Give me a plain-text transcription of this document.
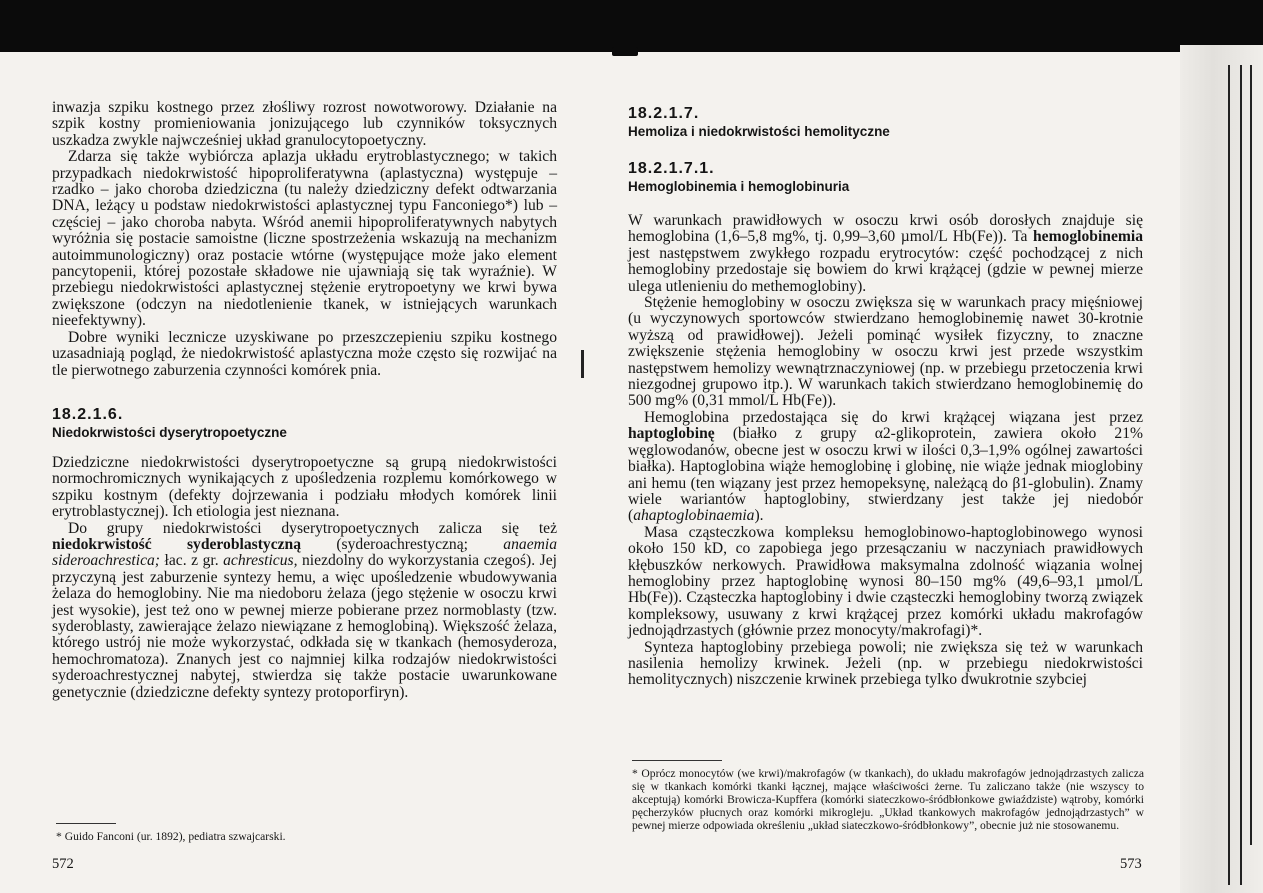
inwazja szpiku kostnego przez złośliwy rozrost nowotworowy. Działanie na szpik kostny promieniowania jonizującego lub czynników toksycznych uszkadza zwykle najwcześniej układ granulocytopoetyczny.

Zdarza się także wybiórcza aplazja układu erytroblastycznego; w takich przypadkach niedokrwistość hipoproliferatywna (aplastyczna) występuje – rzadko – jako choroba dziedziczna (tu należy dziedziczny defekt odtwarzania DNA, leżący u podstaw niedokrwistości aplastycznej typu Fanconiego*) lub – częściej – jako choroba nabyta. Wśród anemii hipoproliferatywnych nabytych wyróżnia się postacie samoistne (liczne spostrzeżenia wskazują na mechanizm autoimmunologiczny) oraz postacie wtórne (występujące może jako element pancytopenii, której pozostałe składowe nie ujawniają się tak wyraźnie). W przebiegu niedokrwistości aplastycznej stężenie erytropoetyny we krwi bywa zwiększone (odczyn na niedotlenienie tkanek, w istniejących warunkach nieefektywny).

Dobre wyniki lecznicze uzyskiwane po przeszczepieniu szpiku kostnego uzasadniają pogląd, że niedokrwistość aplastyczna może często się rozwijać na tle pierwotnego zaburzenia czynności komórek pnia.

18.2.1.6.
Niedokrwistości dyserytropoetyczne

Dziedziczne niedokrwistości dyserytropoetyczne są grupą niedokrwistości normochromicznych wynikających z upośledzenia rozplemu komórkowego w szpiku kostnym (defekty dojrzewania i podziału młodych komórek linii erytroblastycznej). Ich etiologia jest nieznana.

Do grupy niedokrwistości dyserytropoetycznych zalicza się też niedokrwistość syderoblastyczną (syderoachrestyczną; anaemia sideroachrestica; łac. z gr. achresticus, niezdolny do wykorzystania czegoś). Jej przyczyną jest zaburzenie syntezy hemu, a więc upośledzenie wbudowywania żelaza do hemoglobiny. Nie ma niedoboru żelaza (jego stężenie w osoczu krwi jest wysokie), jest też ono w pewnej mierze pobierane przez normoblasty (tzw. syderoblasty, zawierające żelazo niewiązane z hemoglobiną). Większość żelaza, którego ustrój nie może wykorzystać, odkłada się w tkankach (hemosyderoza, hemochromatoza). Znanych jest co najmniej kilka rodzajów niedokrwistości syderoachrestycznej nabytej, stwierdza się także postacie uwarunkowane genetycznie (dziedziczne defekty syntezy protoporfiryn).

* Guido Fanconi (ur. 1892), pediatra szwajcarski.

572
18.2.1.7.
Hemoliza i niedokrwistości hemolityczne
18.2.1.7.1.
Hemoglobinemia i hemoglobinuria

W warunkach prawidłowych w osoczu krwi osób dorosłych znajduje się hemoglobina (1,6–5,8 mg%, tj. 0,99–3,60 µmol/L Hb(Fe)). Ta hemoglobinemia jest następstwem zwykłego rozpadu erytrocytów: część pochodzącej z nich hemoglobiny przedostaje się bowiem do krwi krążącej (gdzie w pewnej mierze ulega utlenieniu do methemoglobiny).

Stężenie hemoglobiny w osoczu zwiększa się w warunkach pracy mięśniowej (u wyczynowych sportowców stwierdzano hemoglobinemię nawet 30-krotnie wyższą od prawidłowej). Jeżeli pominąć wysiłek fizyczny, to znaczne zwiększenie stężenia hemoglobiny w osoczu krwi jest przede wszystkim następstwem hemolizy wewnątrznaczyniowej (np. w przebiegu przetoczenia krwi niezgodnej grupowo itp.). W warunkach takich stwierdzano hemoglobinemię do 500 mg% (0,31 mmol/L Hb(Fe)).

Hemoglobina przedostająca się do krwi krążącej wiązana jest przez haptoglobinę (białko z grupy α2-glikoprotein, zawiera około 21% węglowodanów, obecne jest w osoczu krwi w ilości 0,3–1,9% ogólnej zawartości białka). Haptoglobina wiąże hemoglobinę i globinę, nie wiąże jednak mioglobiny ani hemu (ten wiązany jest przez hemopeksynę, należącą do β1-globulin). Znamy wiele wariantów haptoglobiny, stwierdzany jest także jej niedobór (ahaptoglobinaemia).

Masa cząsteczkowa kompleksu hemoglobinowo-haptoglobinowego wynosi około 150 kD, co zapobiega jego przesączaniu w naczyniach prawidłowych kłębuszków nerkowych. Prawidłowa maksymalna zdolność wiązania wolnej hemoglobiny przez haptoglobinę wynosi 80–150 mg% (49,6–93,1 µmol/L Hb(Fe)). Cząsteczka haptoglobiny i dwie cząsteczki hemoglobiny tworzą związek kompleksowy, usuwany z krwi krążącej przez komórki układu makrofagów jednojądrzastych (głównie przez monocyty/makrofagi)*.

Synteza haptoglobiny przebiega powoli; nie zwiększa się też w warunkach nasilenia hemolizy krwinek. Jeżeli (np. w przebiegu niedokrwistości hemolitycznych) niszczenie krwinek przebiega tylko dwukrotnie szybciej

* Oprócz monocytów (we krwi)/makrofagów (w tkankach), do układu makrofagów jednojądrzastych zalicza się w tkankach komórki tkanki łącznej, mające właściwości żerne. Tu zaliczano także (nie wszyscy to akceptują) komórki Browicza-Kupffera (komórki siateczkowo-śródbłonkowe gwiaździste) wątroby, komórki pęcherzyków płucnych oraz komórki mikrogleju. „Układ tkankowych makrofagów jednojądrzastych” w pewnej mierze odpowiada określeniu „układ siateczkowo-śródbłonkowy”, obecnie już nie stosowanemu.

573
